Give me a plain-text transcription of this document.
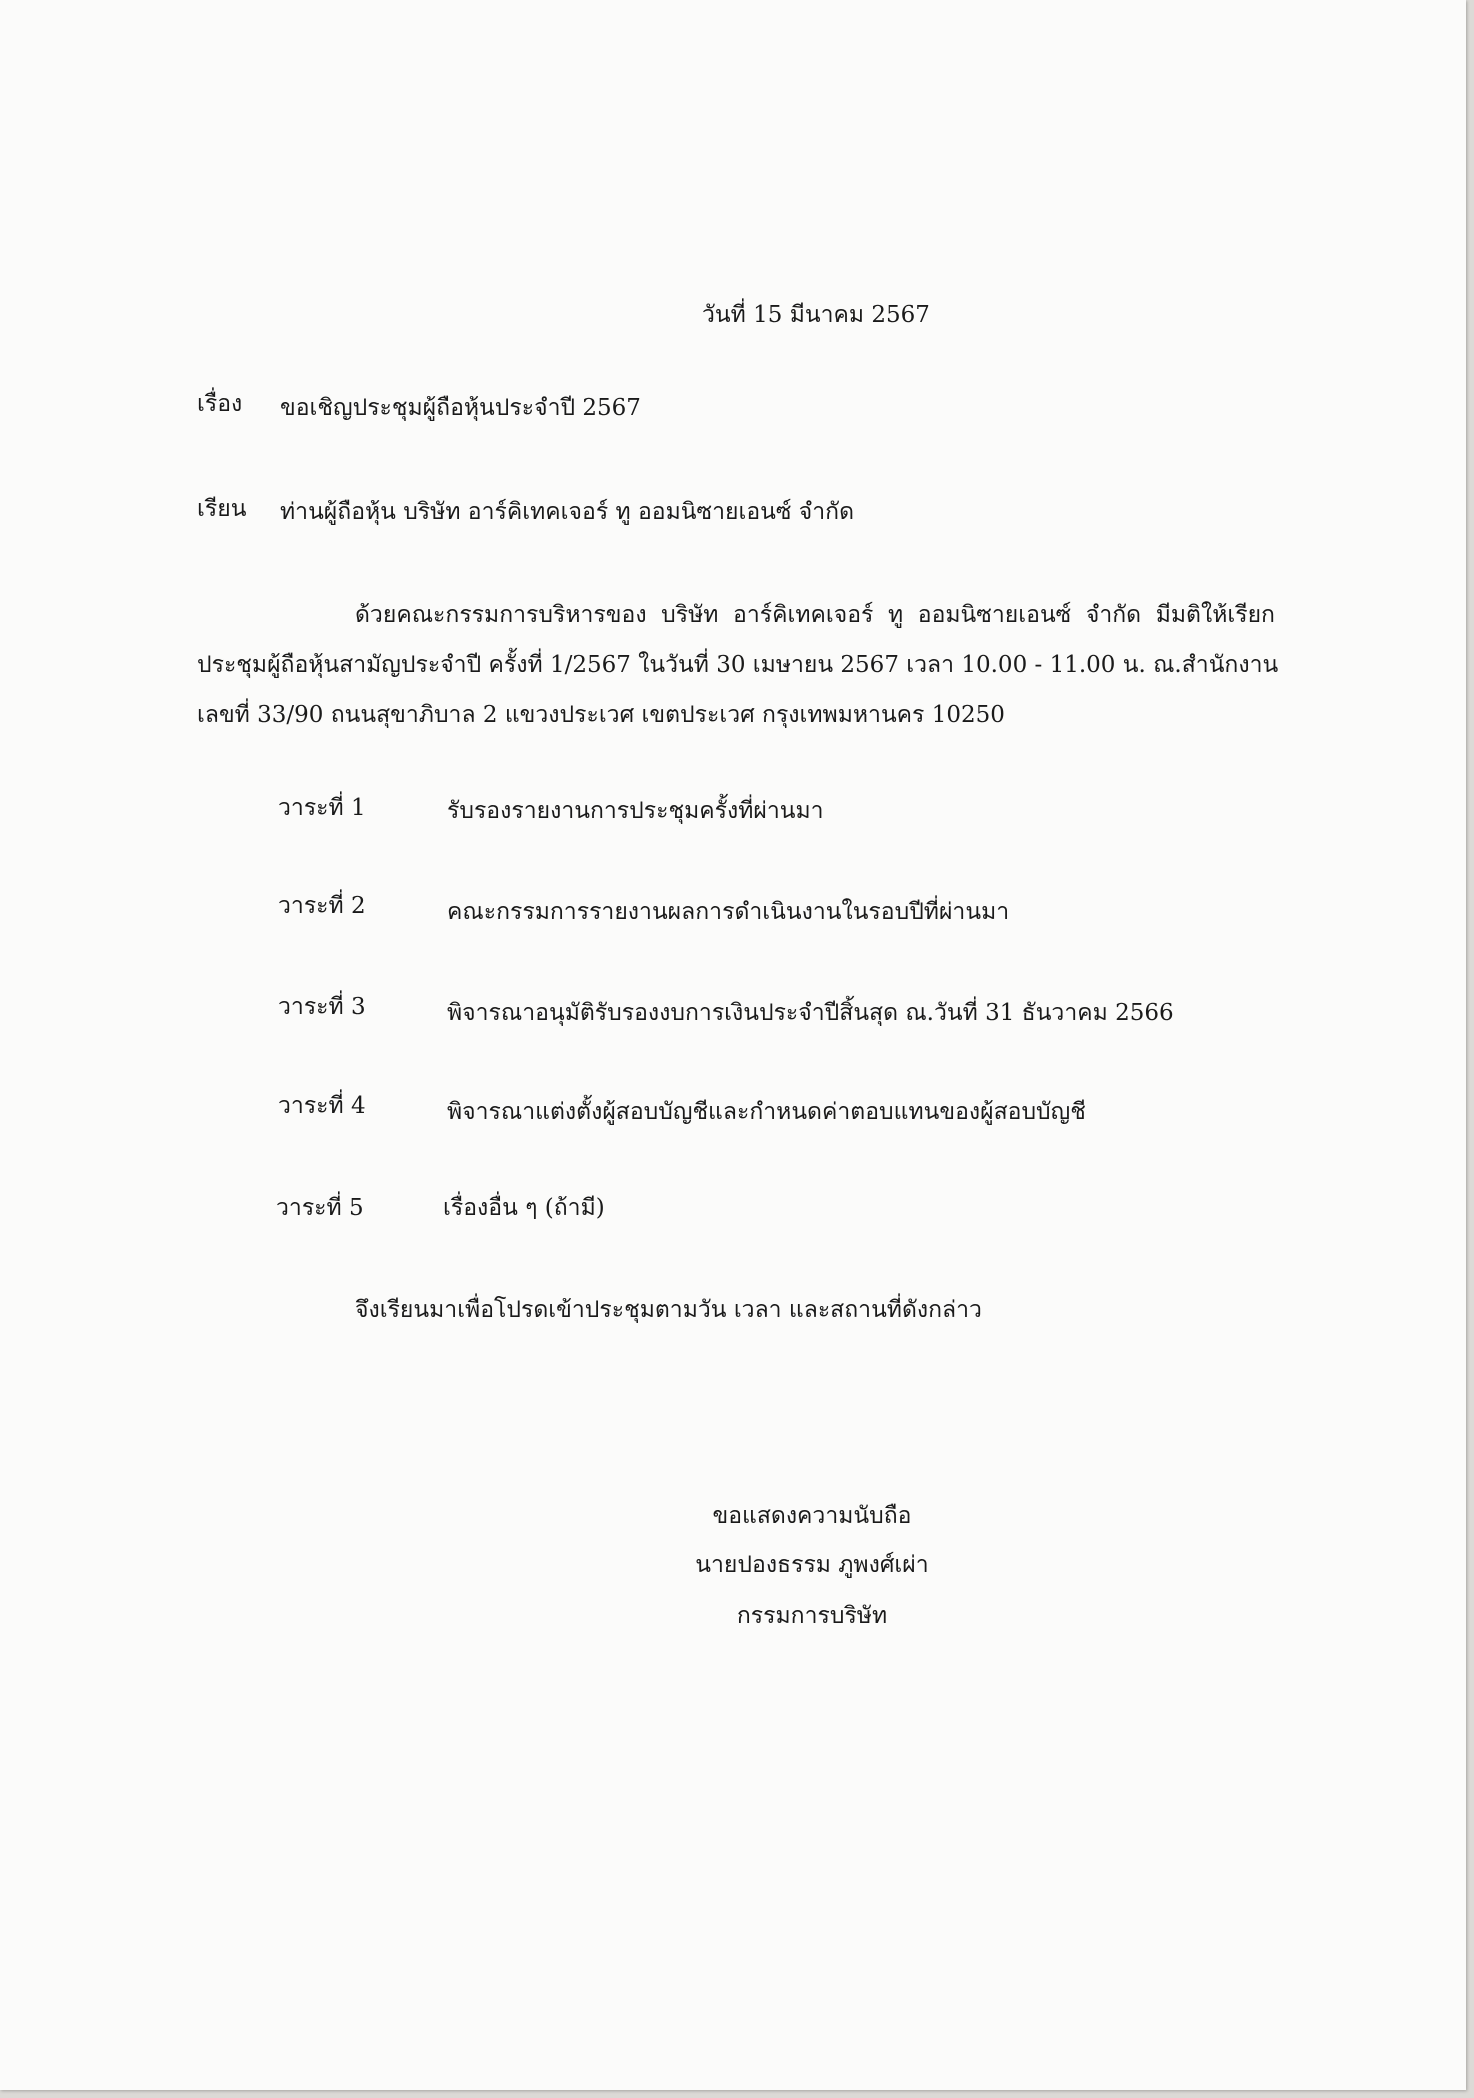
วันที่ 15 มีนาคม 2567
เรื่อง ขอเชิญประชุมผู้ถือหุ้นประจำปี 2567
เรียน ท่านผู้ถือหุ้น บริษัท อาร์คิเทคเจอร์ ทู ออมนิซายเอนซ์ จำกัด
ด้วยคณะกรรมการบริหารของ บริษัท อาร์คิเทคเจอร์ ทู ออมนิซายเอนซ์ จำกัด มีมติให้เรียก
ประชุมผู้ถือหุ้นสามัญประจำปี ครั้งที่ 1/2567 ในวันที่ 30 เมษายน 2567 เวลา 10.00 - 11.00 น. ณ.สำนักงาน
เลขที่ 33/90 ถนนสุขาภิบาล 2 แขวงประเวศ เขตประเวศ กรุงเทพมหานคร 10250
วาระที่ 1	รับรองรายงานการประชุมครั้งที่ผ่านมา
วาระที่ 2	คณะกรรมการรายงานผลการดำเนินงานในรอบปีที่ผ่านมา
วาระที่ 3	พิจารณาอนุมัติรับรองงบการเงินประจำปีสิ้นสุด ณ.วันที่ 31 ธันวาคม 2566
วาระที่ 4	พิจารณาแต่งตั้งผู้สอบบัญชีและกำหนดค่าตอบแทนของผู้สอบบัญชี
วาระที่ 5	เรื่องอื่น ๆ (ถ้ามี)
จึงเรียนมาเพื่อโปรดเข้าประชุมตามวัน เวลา และสถานที่ดังกล่าว
ขอแสดงความนับถือ
นายปองธรรม ภูพงศ์เผ่า
กรรมการบริษัท
